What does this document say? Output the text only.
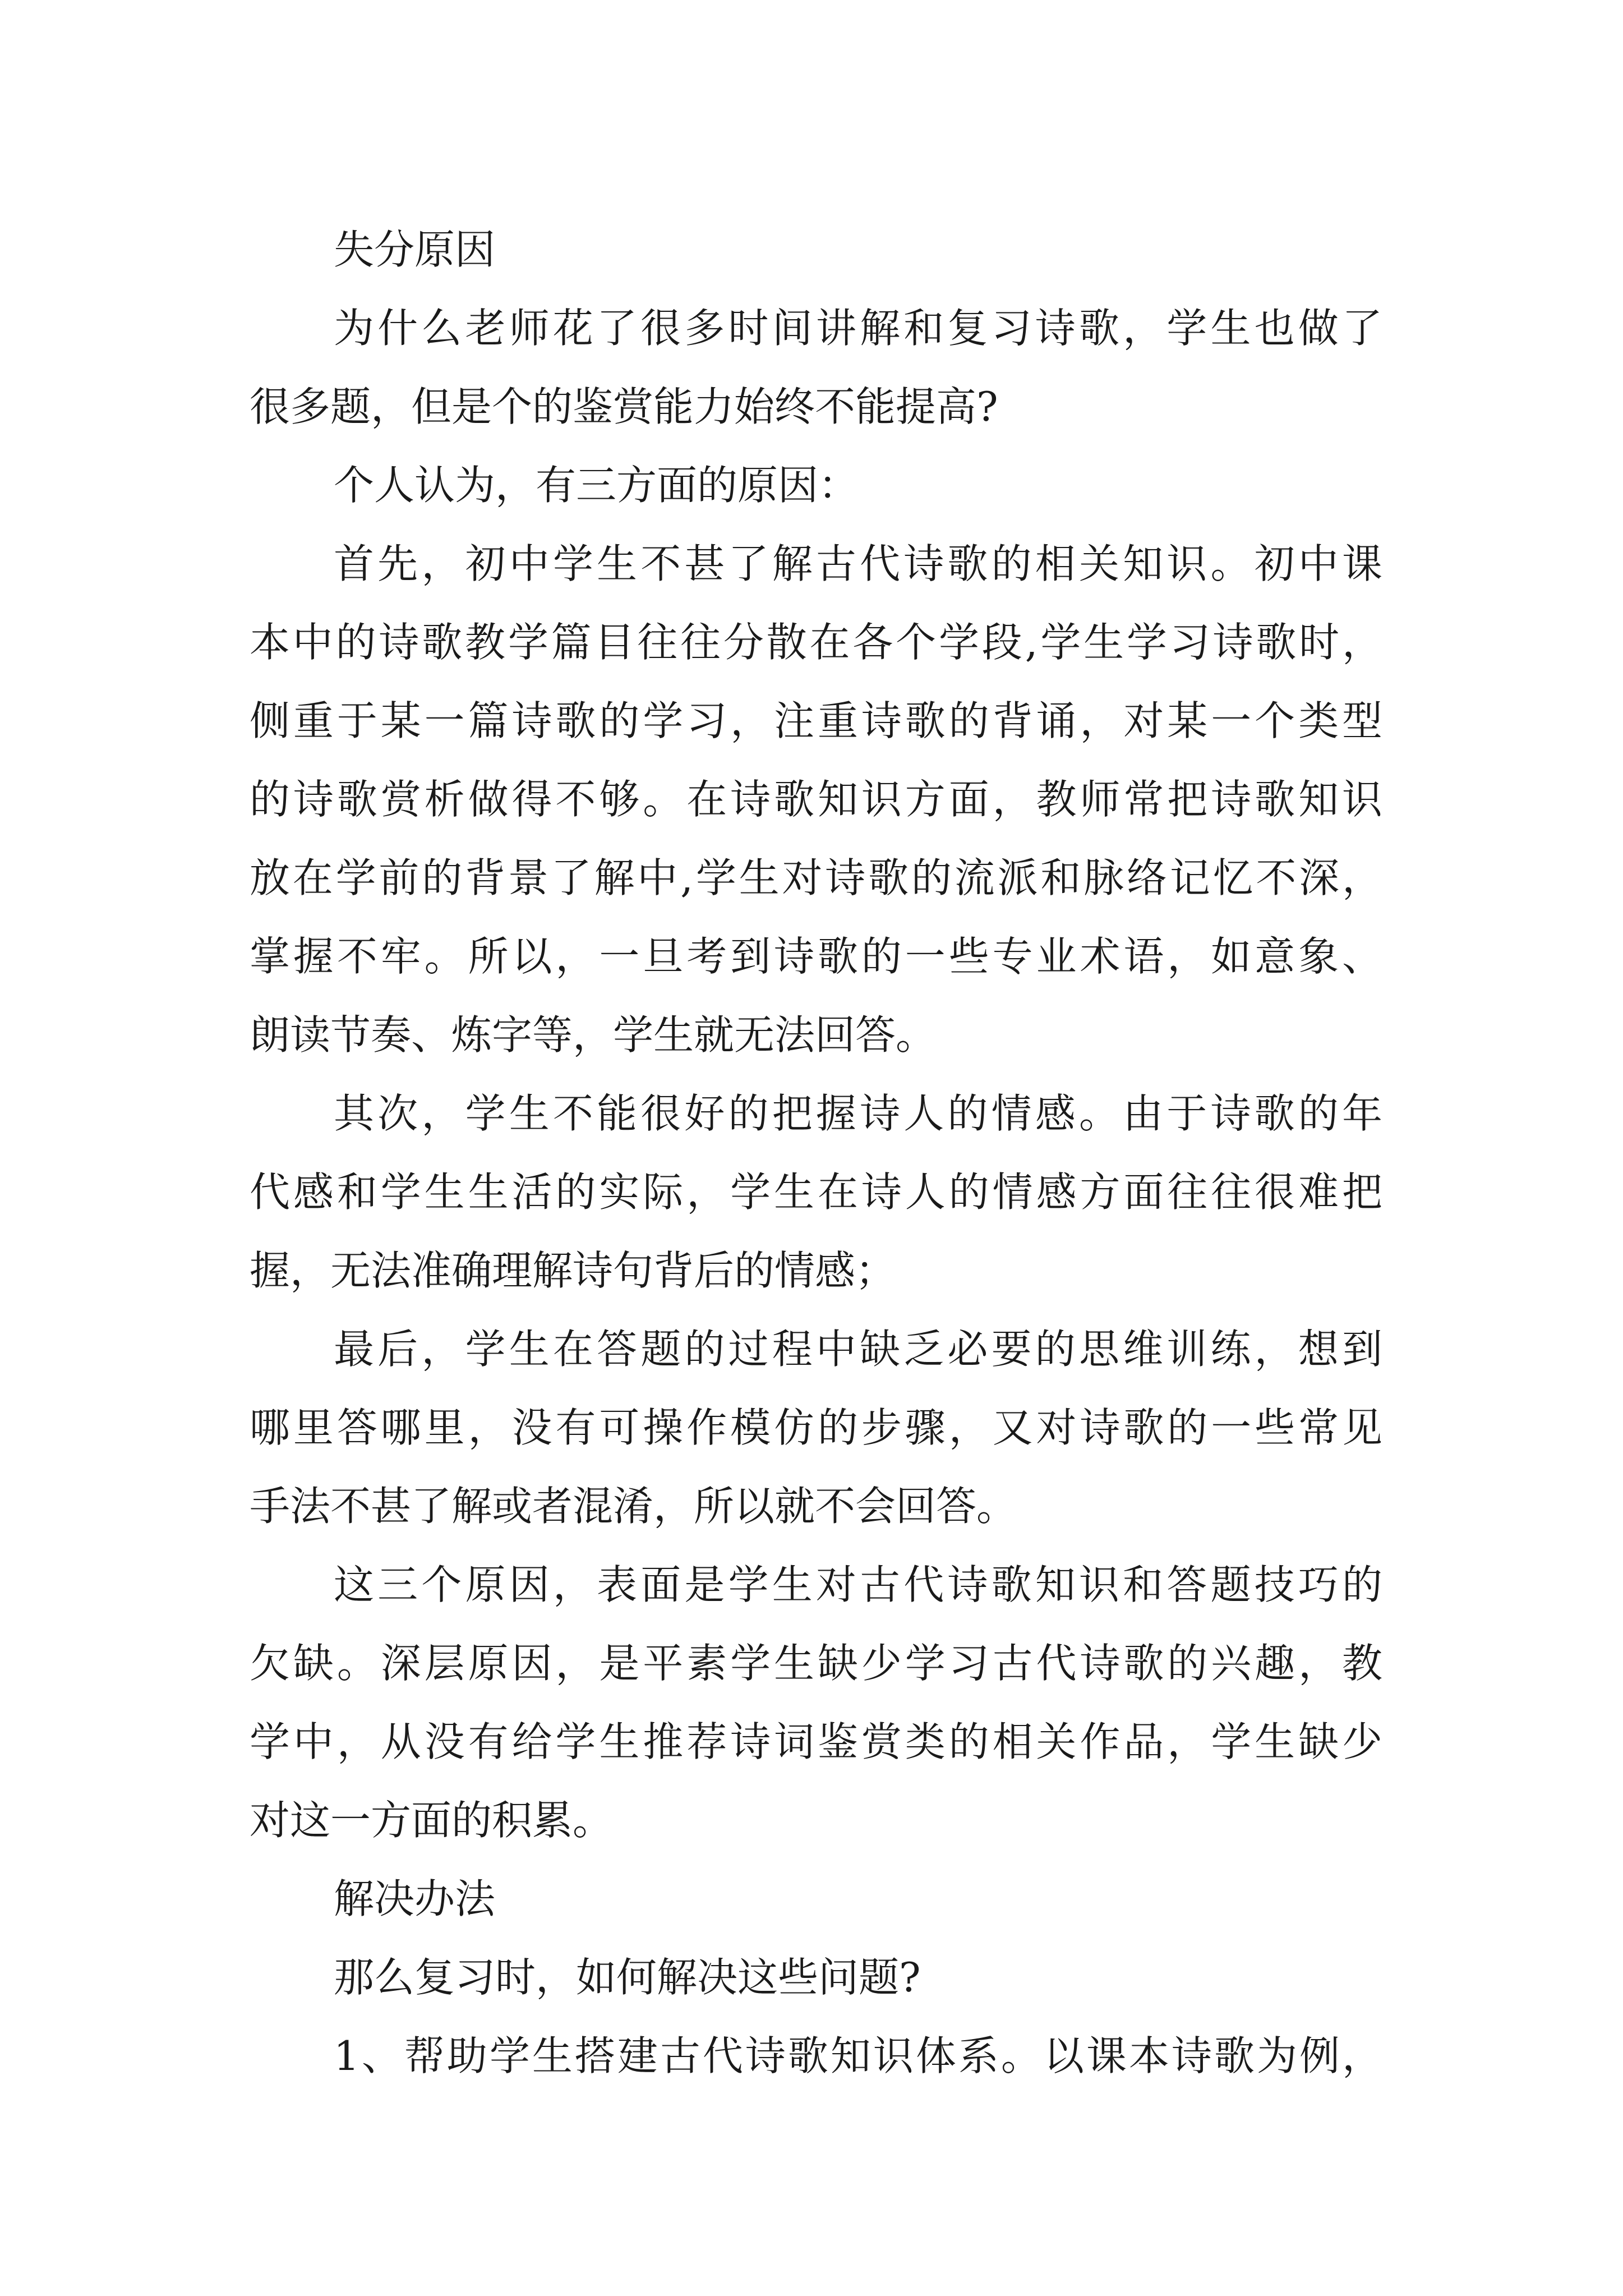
失分原因
为什么老师花了很多时间讲解和复习诗歌，学生也做了
很多题，但是个的鉴赏能力始终不能提高?
个人认为，有三方面的原因：
首先，初中学生不甚了解古代诗歌的相关知识。初中课
本中的诗歌教学篇目往往分散在各个学段,学生学习诗歌时，
侧重于某一篇诗歌的学习，注重诗歌的背诵，对某一个类型
的诗歌赏析做得不够。在诗歌知识方面，教师常把诗歌知识
放在学前的背景了解中,学生对诗歌的流派和脉络记忆不深，
掌握不牢。所以，一旦考到诗歌的一些专业术语，如意象、
朗读节奏、炼字等，学生就无法回答。
其次，学生不能很好的把握诗人的情感。由于诗歌的年
代感和学生生活的实际，学生在诗人的情感方面往往很难把
握，无法准确理解诗句背后的情感；
最后，学生在答题的过程中缺乏必要的思维训练，想到
哪里答哪里，没有可操作模仿的步骤，又对诗歌的一些常见
手法不甚了解或者混淆，所以就不会回答。
这三个原因，表面是学生对古代诗歌知识和答题技巧的
欠缺。深层原因，是平素学生缺少学习古代诗歌的兴趣，教
学中，从没有给学生推荐诗词鉴赏类的相关作品，学生缺少
对这一方面的积累。
解决办法
那么复习时，如何解决这些问题?
1、帮助学生搭建古代诗歌知识体系。以课本诗歌为例，
